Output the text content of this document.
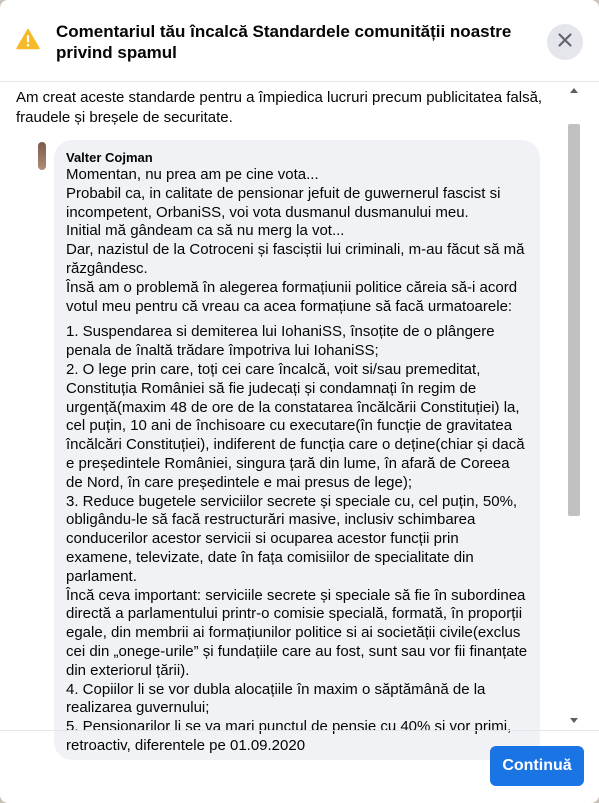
Comentariul tău încalcă Standardele comunității noastre privind spamul
Am creat aceste standarde pentru a împiedica lucruri precum publicitatea falsă, fraudele și breșele de securitate.
Valter Cojman

Momentan, nu prea am pe cine vota...
Probabil ca, in calitate de pensionar jefuit de guwernerul fascist si incompetent, OrbaniSS, voi vota dusmanul dusmanului meu.
Initial mă gândeam ca să nu merg la vot...
Dar, nazistul de la Cotroceni și fasciștii lui criminali, m-au făcut să mă răzgândesc.
Însă am o problemă în alegerea formațiunii politice căreia să-i acord votul meu pentru că vreau ca acea formațiune să facă urmatoarele:

1. Suspendarea si demiterea lui IohaniSS, însoțite de o plângere penala de înaltă trădare împotriva lui IohaniSS;
2. O lege prin care, toți cei care încalcă, voit si/sau premeditat, Constituția României să fie judecați și condamnați în regim de urgență(maxim 48 de ore de la constatarea încălcării Constituției) la, cel puțin, 10 ani de închisoare cu executare(în funcție de gravitatea încălcări Constituției), indiferent de funcția care o deține(chiar și dacă e președintele României, singura țară din lume, în afară de Coreea de Nord, în care președintele e mai presus de lege);
3. Reduce bugetele serviciilor secrete și speciale cu, cel puțin, 50%, obligându-le să facă restructurări masive, inclusiv schimbarea conducerilor acestor servicii si ocuparea acestor funcții prin examene, televizate, date în fața comisiilor de specialitate din parlament.
Încă ceva important: serviciile secrete și speciale să fie în subordinea directă a parlamentului printr-o comisie specială, formată, în proporții egale, din membrii ai formațiunilor politice si ai societății civile(exclus cei din „onege-urile” și fundațiile care au fost, sunt sau vor fii finanțate din exteriorul țării).
4. Copiilor li se vor dubla alocațiile în maxim o săptămână de la realizarea guvernului;
5. Pensionarilor li se va mari punctul de pensie cu 40% si vor primi, retroactiv, diferentele pe 01.09.2020

Continuă
